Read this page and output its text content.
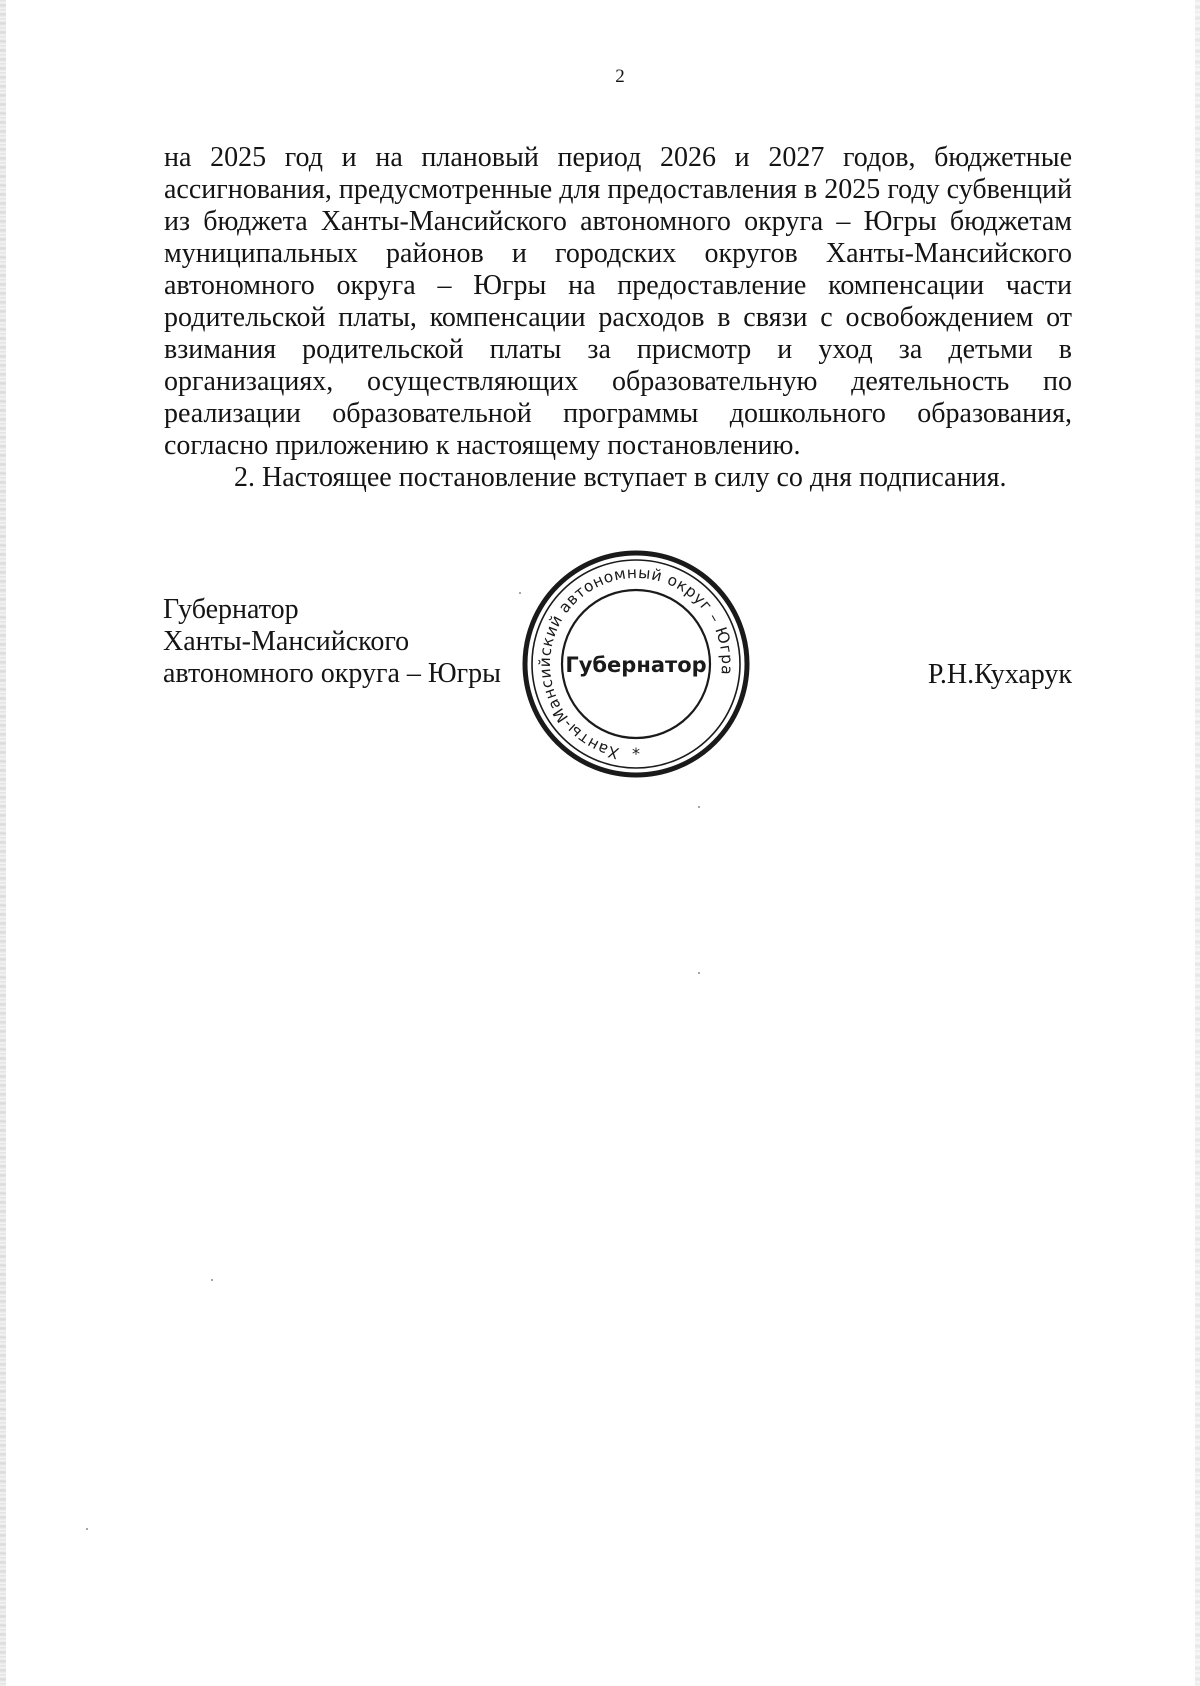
2

на 2025 год и на плановый период 2026 и 2027 годов, бюджетные ассигнования, предусмотренные для предоставления в 2025 году субвенций из бюджета Ханты-Мансийского автономного округа – Югры бюджетам муниципальных районов и городских округов Ханты-Мансийского автономного округа – Югры на предоставление компенсации части родительской платы, компенсации расходов в связи с освобождением от взимания родительской платы за присмотр и уход за детьми в организациях, осуществляющих образовательную деятельность по реализации образовательной программы дошкольного образования, согласно приложению к настоящему постановлению.

2. Настоящее постановление вступает в силу со дня подписания.

Губернатор
Ханты-Мансийского
автономного округа – Югры
Ханты-Мансийский автономный округ – Югра
Губернатор
*
Р.Н.Кухарук
